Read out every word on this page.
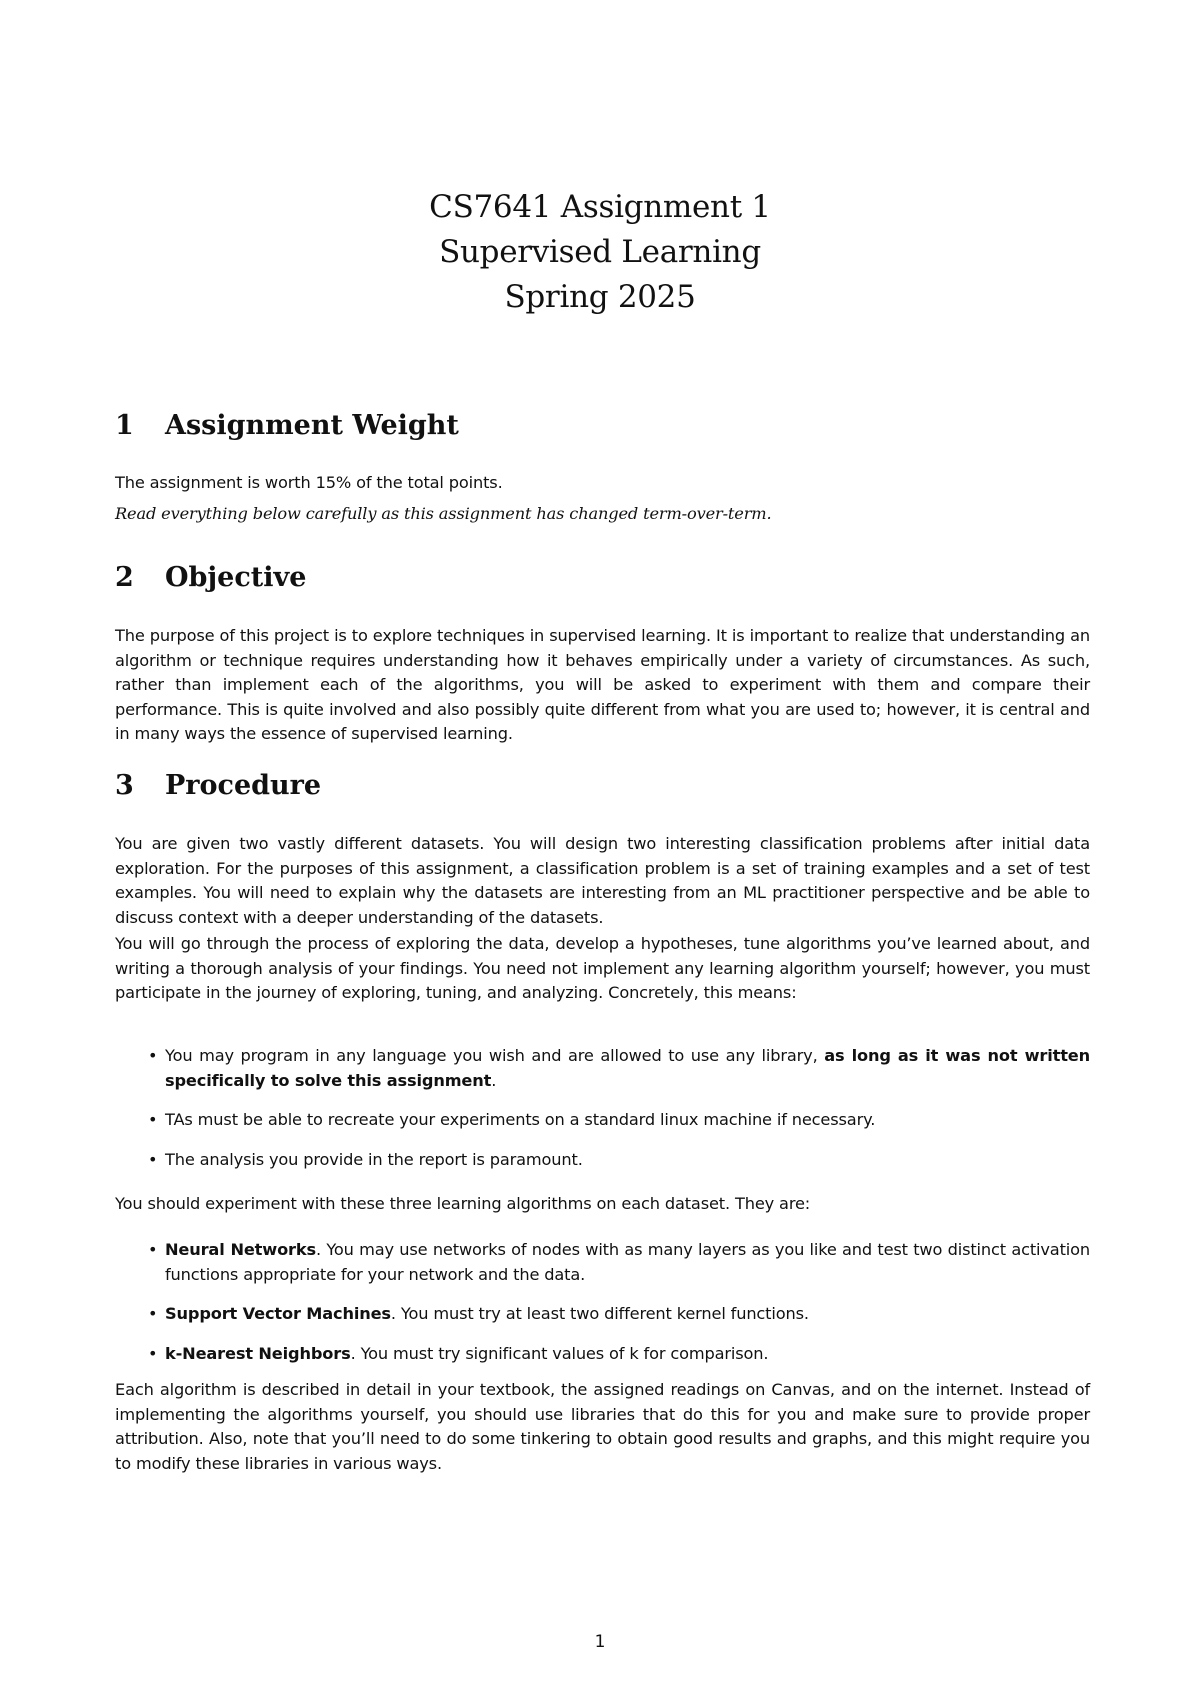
CS7641 Assignment 1
Supervised Learning
Spring 2025
1 Assignment Weight
The assignment is worth 15% of the total points.
Read everything below carefully as this assignment has changed term-over-term.
2 Objective
The purpose of this project is to explore techniques in supervised learning. It is important to realize that understanding an algorithm or technique requires understanding how it behaves empirically under a variety of circumstances. As such, rather than implement each of the algorithms, you will be asked to experiment with them and compare their performance. This is quite involved and also possibly quite different from what you are used to; however, it is central and in many ways the essence of supervised learning.
3 Procedure
You are given two vastly different datasets. You will design two interesting classification problems after initial data exploration. For the purposes of this assignment, a classification problem is a set of training examples and a set of test examples. You will need to explain why the datasets are interesting from an ML practitioner perspective and be able to discuss context with a deeper understanding of the datasets.
You will go through the process of exploring the data, develop a hypotheses, tune algorithms you’ve learned about, and writing a thorough analysis of your findings. You need not implement any learning algorithm yourself; however, you must participate in the journey of exploring, tuning, and analyzing. Concretely, this means:
• You may program in any language you wish and are allowed to use any library, as long as it was not written specifically to solve this assignment.
• TAs must be able to recreate your experiments on a standard linux machine if necessary.
• The analysis you provide in the report is paramount.
You should experiment with these three learning algorithms on each dataset. They are:
• Neural Networks. You may use networks of nodes with as many layers as you like and test two distinct activation functions appropriate for your network and the data.
• Support Vector Machines. You must try at least two different kernel functions.
• k-Nearest Neighbors. You must try significant values of k for comparison.
Each algorithm is described in detail in your textbook, the assigned readings on Canvas, and on the internet. Instead of implementing the algorithms yourself, you should use libraries that do this for you and make sure to provide proper attribution. Also, note that you’ll need to do some tinkering to obtain good results and graphs, and this might require you to modify these libraries in various ways.
1
